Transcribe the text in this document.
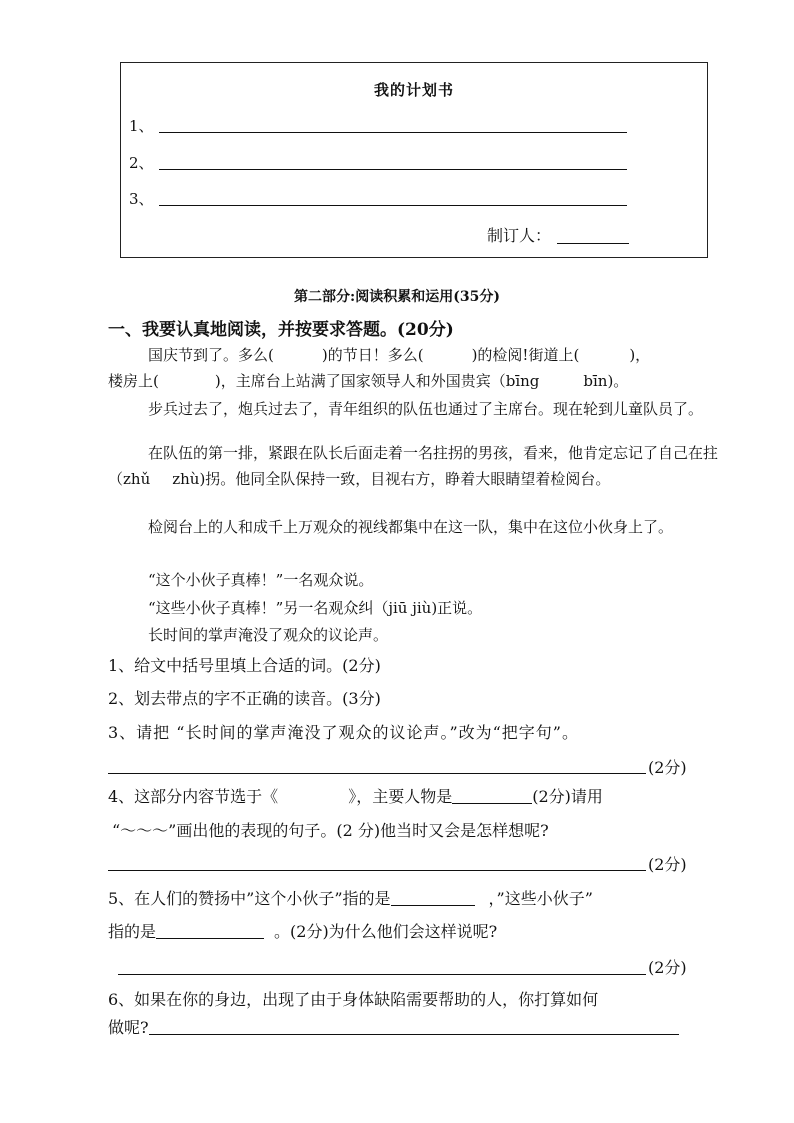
我的计划书
1、
2、
3、
制订人：
第二部分:阅读积累和运用(35分)
一、我要认真地阅读，并按要求答题。(20分)
国庆节到了。多么(	)的节日！多么(	)的检阅!街道上(	)，
楼房上(	)，主席台上站满了国家领导人和外国贵宾（bīng	bīn)。
步兵过去了，炮兵过去了，青年组织的队伍也通过了主席台。现在轮到儿童队员了。
在队伍的第一排，紧跟在队长后面走着一名拄拐的男孩，看来，他肯定忘记了自己在拄（zhǔ zhù)拐。他同全队保持一致，目视右方，睁着大眼睛望着检阅台。
检阅台上的人和成千上万观众的视线都集中在这一队，集中在这位小伙身上了。
“这个小伙子真棒！”一名观众说。
“这些小伙子真棒！”另一名观众纠（jiū jiù)正说。
长时间的掌声淹没了观众的议论声。
1、给文中括号里填上合适的词。(2分)
2、划去带点的字不正确的读音。(3分)
3、请把 “长时间的掌声淹没了观众的议论声。”改为“把字句”。
(2分)
4、这部分内容节选于《	》，主要人物是	(2分)请用
“～～～”画出他的表现的句子。(2 分)他当时又会是怎样想呢?
(2分)
5、在人们的赞扬中”这个小伙子”指的是	，”这些小伙子”
指的是	。(2分)为什么他们会这样说呢?
(2分)
6、如果在你的身边，出现了由于身体缺陷需要帮助的人，你打算如何
做呢?
